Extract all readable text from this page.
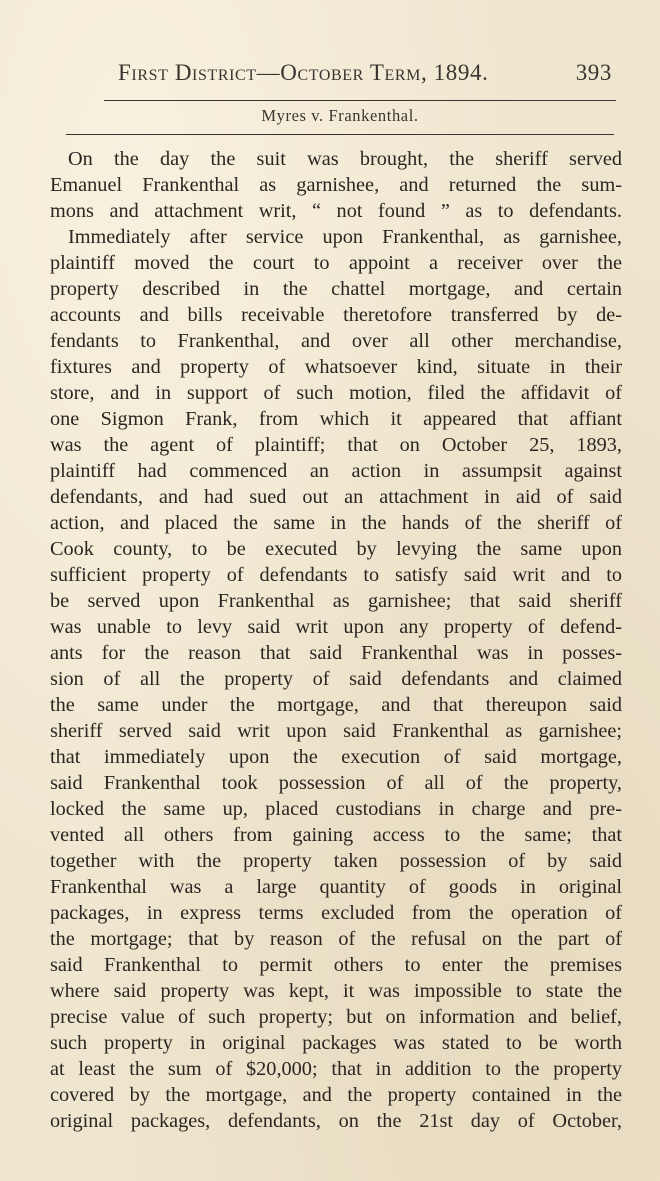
First District—October Term, 1894.	393
Myres v. Frankenthal.
On the day the suit was brought, the sheriff served
Emanuel Frankenthal as garnishee, and returned the sum-
mons and attachment writ, “ not found ” as to defendants.
Immediately after service upon Frankenthal, as garnishee,
plaintiff moved the court to appoint a receiver over the
property described in the chattel mortgage, and certain
accounts and bills receivable theretofore transferred by de-
fendants to Frankenthal, and over all other merchandise,
fixtures and property of whatsoever kind, situate in their
store, and in support of such motion, filed the affidavit of
one Sigmon Frank, from which it appeared that affiant
was the agent of plaintiff; that on October 25, 1893,
plaintiff had commenced an action in assumpsit against
defendants, and had sued out an attachment in aid of said
action, and placed the same in the hands of the sheriff of
Cook county, to be executed by levying the same upon
sufficient property of defendants to satisfy said writ and to
be served upon Frankenthal as garnishee; that said sheriff
was unable to levy said writ upon any property of defend-
ants for the reason that said Frankenthal was in posses-
sion of all the property of said defendants and claimed
the same under the mortgage, and that thereupon said
sheriff served said writ upon said Frankenthal as garnishee;
that immediately upon the execution of said mortgage,
said Frankenthal took possession of all of the property,
locked the same up, placed custodians in charge and pre-
vented all others from gaining access to the same; that
together with the property taken possession of by said
Frankenthal was a large quantity of goods in original
packages, in express terms excluded from the operation of
the mortgage; that by reason of the refusal on the part of
said Frankenthal to permit others to enter the premises
where said property was kept, it was impossible to state the
precise value of such property; but on information and belief,
such property in original packages was stated to be worth
at least the sum of $20,000; that in addition to the property
covered by the mortgage, and the property contained in the
original packages, defendants, on the 21st day of October,
